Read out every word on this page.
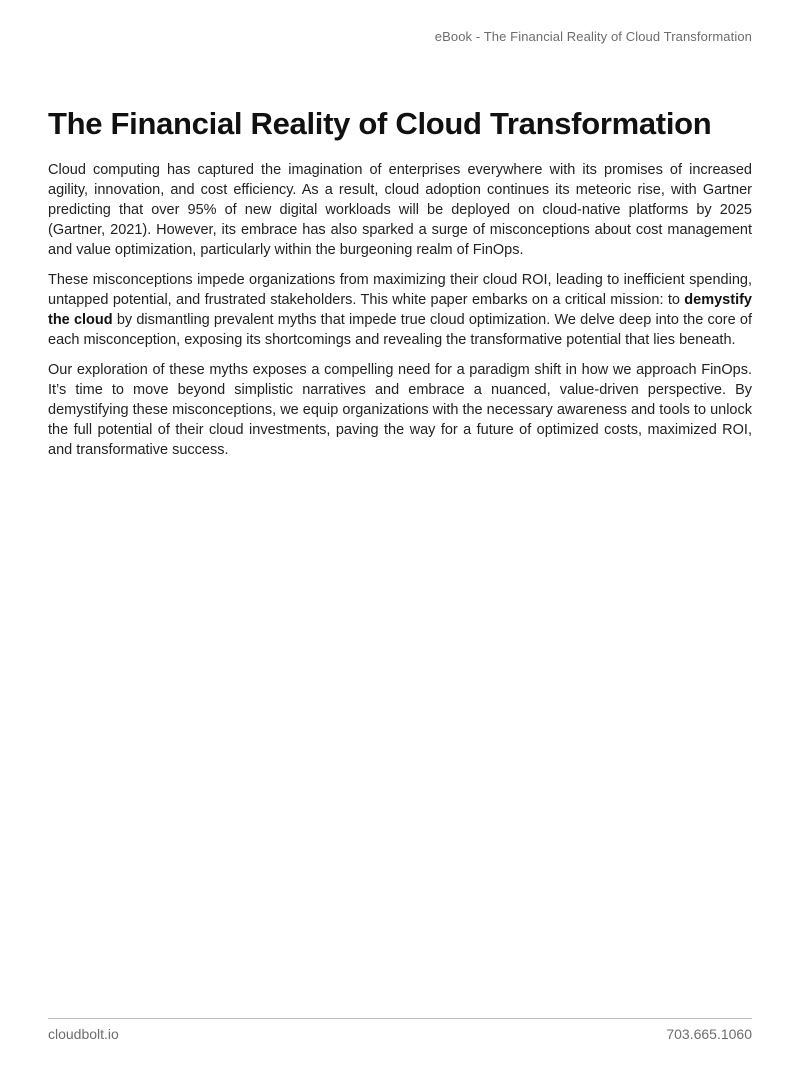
eBook - The Financial Reality of Cloud Transformation
The Financial Reality of Cloud Transformation

Cloud computing has captured the imagination of enterprises everywhere with its promises of increased agility, innovation, and cost efficiency. As a result, cloud adoption continues its meteoric rise, with Gartner predicting that over 95% of new digital workloads will be deployed on cloud-native platforms by 2025 (Gartner, 2021). However, its embrace has also sparked a surge of misconceptions about cost management and value optimization, particularly within the burgeoning realm of FinOps.

These misconceptions impede organizations from maximizing their cloud ROI, leading to inefficient spending, untapped potential, and frustrated stakeholders. This white paper embarks on a critical mission: to demystify the cloud by dismantling prevalent myths that impede true cloud optimization. We delve deep into the core of each misconception, exposing its shortcomings and revealing the transformative potential that lies beneath.

Our exploration of these myths exposes a compelling need for a paradigm shift in how we approach FinOps. It’s time to move beyond simplistic narratives and embrace a nuanced, value-driven perspective. By demystifying these misconceptions, we equip organizations with the necessary awareness and tools to unlock the full potential of their cloud investments, paving the way for a future of optimized costs, maximized ROI, and transformative success.

cloudbolt.io	703.665.1060
